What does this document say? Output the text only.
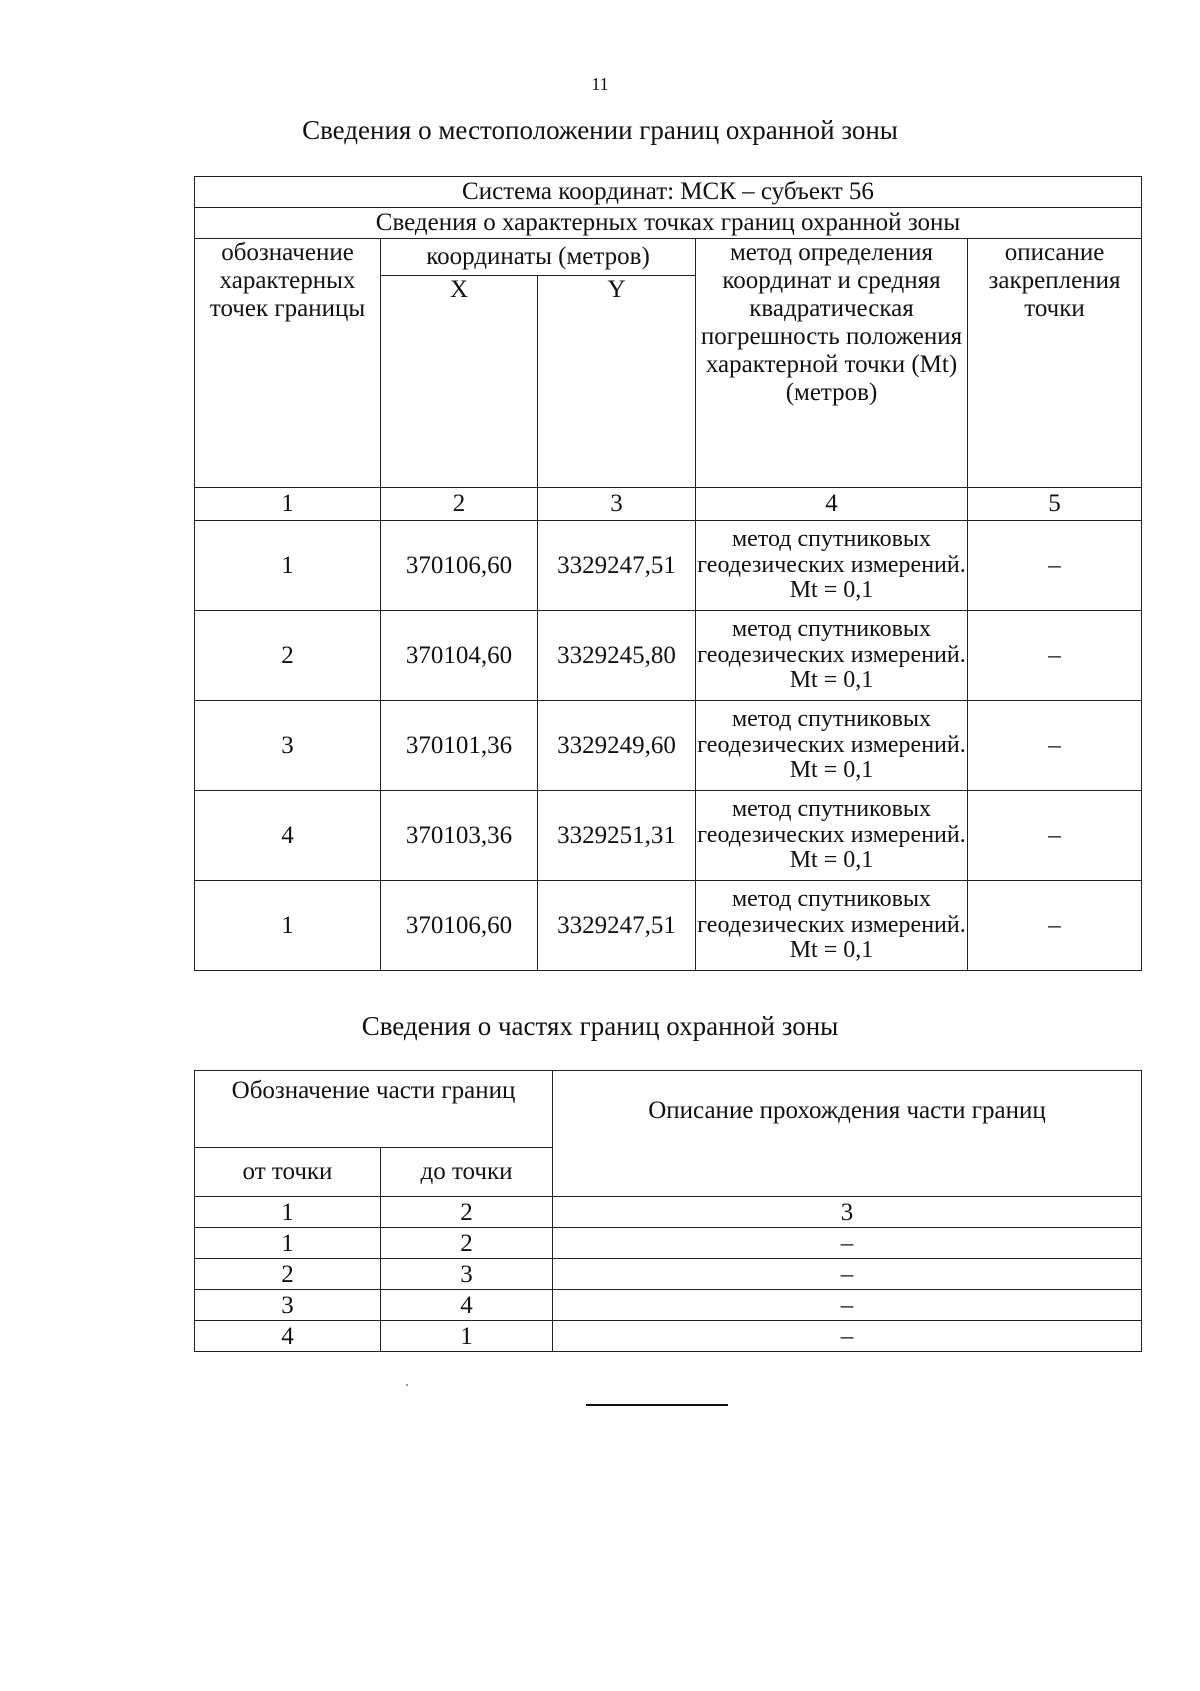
11
Сведения о местоположении границ охранной зоны
Система координат: МСК – субъект 56				
Сведения о характерных точках границ охранной зоны				
обозначение характерных точек границы	координаты (метров)		метод определения координат и средняя квадратическая погрешность положения характерной точки (Mt) (метров)	описание закрепления точки
	X	Y		
1	2	3	4	5
1	370106,60	3329247,51	метод спутниковых геодезических измерений. Mt = 0,1	–
2	370104,60	3329245,80	метод спутниковых геодезических измерений. Mt = 0,1	–
3	370101,36	3329249,60	метод спутниковых геодезических измерений. Mt = 0,1	–
4	370103,36	3329251,31	метод спутниковых геодезических измерений. Mt = 0,1	–
1	370106,60	3329247,51	метод спутниковых геодезических измерений. Mt = 0,1	–
Сведения о частях границ охранной зоны
Обозначение части границ		Описание прохождения части границ
от точки	до точки	
1	2	3
1	2	–
2	3	–
3	4	–
4	1	–
